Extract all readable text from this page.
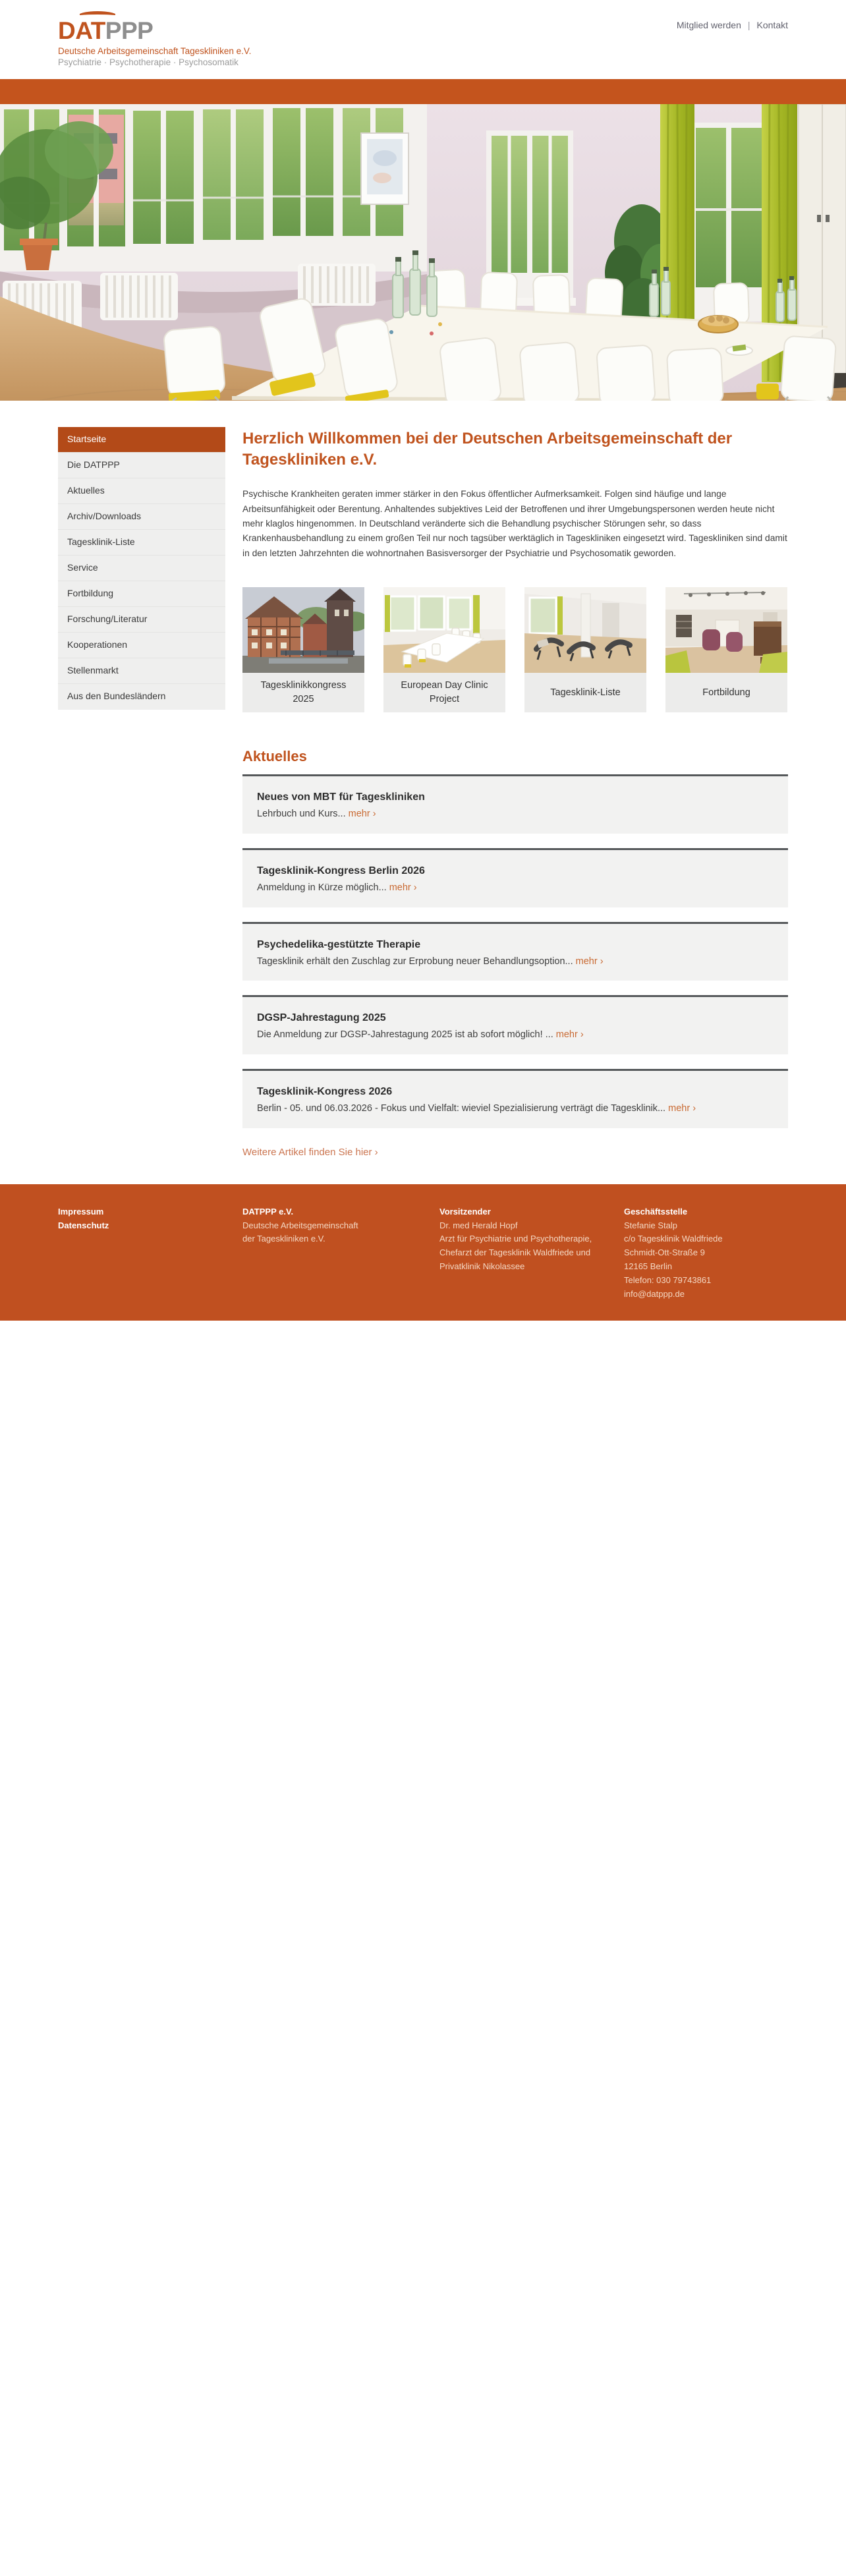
DATPPP
Deutsche Arbeitsgemeinschaft Tageskliniken e.V.
Psychiatrie · Psychotherapie · Psychosomatik
Mitglied werden | Kontakt
Startseite
Die DATPPP
Aktuelles
Archiv/Downloads
Tagesklinik-Liste
Service
Fortbildung
Forschung/Literatur
Kooperationen
Stellenmarkt
Aus den Bundesländern
Herzlich Willkommen bei der Deutschen Arbeitsgemeinschaft der Tageskliniken e.V.

Psychische Krankheiten geraten immer stärker in den Fokus öffentlicher Aufmerksamkeit. Folgen sind häufige und lange Arbeitsunfähigkeit oder Berentung. Anhaltendes subjektives Leid der Betroffenen und ihrer Umgebungspersonen werden heute nicht mehr klaglos hingenommen. In Deutschland veränderte sich die Behandlung psychischer Störungen sehr, so dass Krankenhausbehandlung zu einem großen Teil nur noch tagsüber werktäglich in Tageskliniken eingesetzt wird. Tageskliniken sind damit in den letzten Jahrzehnten die wohnortnahen Basisversorger der Psychiatrie und Psychosomatik geworden.

Tagesklinikkongress 2025
European Day Clinic Project
Tagesklinik-Liste	Fortbildung
Aktuelles
Neues von MBT für Tageskliniken
Lehrbuch und Kurs... mehr ›
Tagesklinik-Kongress Berlin 2026
Anmeldung in Kürze möglich... mehr ›
Psychedelika-gestützte Therapie
Tagesklinik erhält den Zuschlag zur Erprobung neuer Behandlungsoption... mehr ›
DGSP-Jahrestagung 2025
Die Anmeldung zur DGSP-Jahrestagung 2025 ist ab sofort möglich! ... mehr ›
Tagesklinik-Kongress 2026
Berlin - 05. und 06.03.2026 - Fokus und Vielfalt: wieviel Spezialisierung verträgt die Tagesklinik... mehr ›
Weitere Artikel finden Sie hier ›
Impressum
Datenschutz
DATPPP e.V.
Deutsche Arbeitsgemeinschaft
der Tageskliniken e.V.
Vorsitzender
Dr. med Herald Hopf
Arzt für Psychiatrie und Psychotherapie,
Chefarzt der Tagesklinik Waldfriede und
Privatklinik Nikolassee
Geschäftsstelle
Stefanie Stalp
c/o Tagesklinik Waldfriede
Schmidt-Ott-Straße 9
12165 Berlin
Telefon: 030 79743861
info@datppp.de
